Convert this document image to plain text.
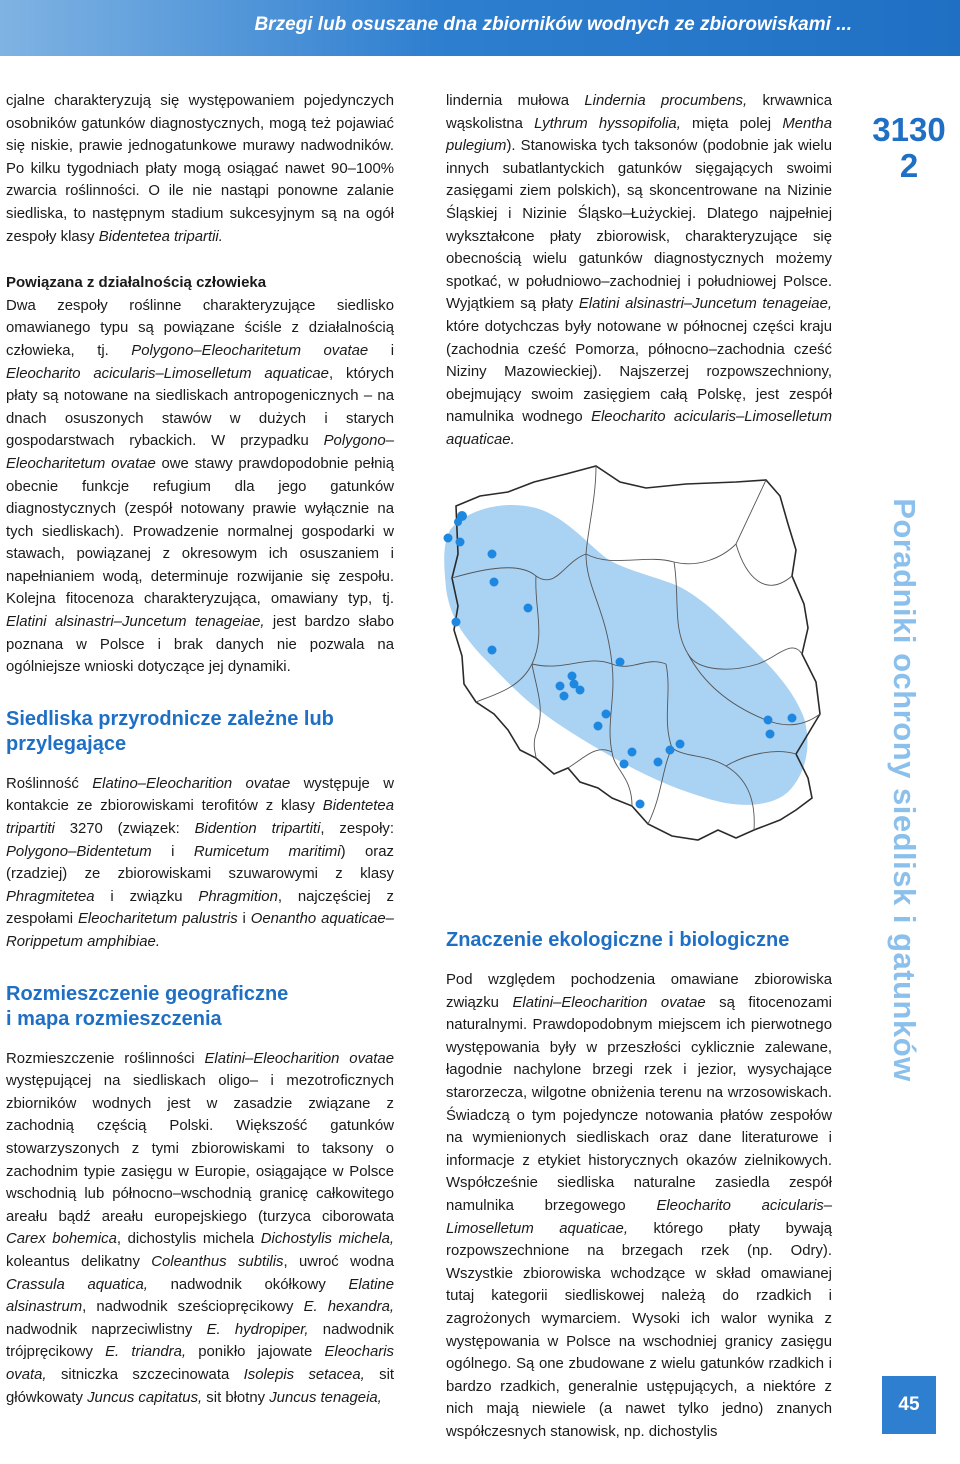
Brzegi lub osuszane dna zbiorników wodnych ze zbiorowiskami ...

cjalne charakteryzują się występowaniem pojedynczych osobników gatunków diagnostycznych, mogą też pojawiać się niskie, prawie jednogatunkowe murawy nadwodników. Po kilku tygodniach płaty mogą osiągać nawet 90–100% zwarcia roślinności. O ile nie nastąpi ponowne zalanie siedliska, to następnym stadium sukcesyjnym są na ogół zespoły klasy Bidentetea tripartii.

Powiązana z działalnością człowieka

Dwa zespoły roślinne charakteryzujące siedlisko omawianego typu są powiązane ściśle z działalnością człowieka, tj. Polygono–Eleocharitetum ovatae i Eleocharito acicularis–Limoselletum aquaticae, których płaty są notowane na siedliskach antropogenicznych – na dnach osuszonych stawów w dużych i starych gospodarstwach rybackich. W przypadku Polygono–Eleocharitetum ovatae owe stawy prawdopodobnie pełnią obecnie funkcje refugium dla jego gatunków diagnostycznych (zespół notowany prawie wyłącznie na tych siedliskach). Prowadzenie normalnej gospodarki w stawach, powiązanej z okresowym ich osuszaniem i napełnianiem wodą, determinuje rozwijanie się zespołu. Kolejna fitocenoza charakteryzująca, omawiany typ, tj. Elatini alsinastri–Juncetum tenageiae, jest bardzo słabo poznana w Polsce i brak danych nie pozwala na ogólniejsze wnioski dotyczące jej dynamiki.

Siedliska przyrodnicze zależne lub
przylegające

Roślinność Elatino–Eleocharition ovatae występuje w kontakcie ze zbiorowiskami terofitów z klasy Bidentetea tripartiti 3270 (związek: Bidention tripartiti, zespoły: Polygono–Bidentetum i Rumicetum maritimi) oraz (rzadziej) ze zbiorowiskami szuwarowymi z klasy Phragmitetea i związku Phragmition, najczęściej z zespołami Eleocharitetum palustris i Oenantho aquaticae–Rorippetum amphibiae.

Rozmieszczenie geograficzne
i mapa rozmieszczenia

Rozmieszczenie roślinności Elatini–Eleocharition ovatae występującej na siedliskach oligo– i mezotroficznych zbiorników wodnych jest w zasadzie związane z zachodnią częścią Polski. Większość gatunków stowarzyszonych z tymi zbiorowiskami to taksony o zachodnim typie zasięgu w Europie, osiągające w Polsce wschodnią lub północno–wschodnią granicę całkowitego areału bądź areału europejskiego (turzyca ciborowata Carex bohemica, dichostylis michela Dichostylis michela, koleantus delikatny Coleanthus subtilis, uwroć wodna Crassula aquatica, nadwodnik okółkowy Elatine alsinastrum, nadwodnik sześciopręcikowy E. hexandra, nadwodnik naprzeciwlistny E. hydropiper, nadwodnik trójpręcikowy E. triandra, ponikło jajowate Eleocharis ovata, sitniczka szczecinowata Isolepis setacea, sit główkowaty Juncus capitatus, sit błotny Juncus tenageia,

lindernia mułowa Lindernia procumbens, krwawnica wąskolistna Lythrum hyssopifolia, mięta polej Mentha pulegium). Stanowiska tych taksonów (podobnie jak wielu innych subatlantyckich gatunków sięgających swoimi zasięgami ziem polskich), są skoncentrowane na Nizinie Śląskiej i Nizinie Śląsko–Łużyckiej. Dlatego najpełniej wykształcone płaty zbiorowisk, charakteryzujące się obecnością wielu gatunków diagnostycznych możemy spotkać, w południowo–zachodniej i południowej Polsce. Wyjątkiem są płaty Elatini alsinastri–Juncetum tenageiae, które dotychczas były notowane w północnej części kraju (zachodnia cześć Pomorza, północno–zachodnia cześć Niziny Mazowieckiej). Najszerzej rozpowszechniony, obejmujący swoim zasięgiem całą Polskę, jest zespół namulnika wodnego Eleocharito acicularis–Limoselletum aquaticae.

Znaczenie ekologiczne i biologiczne

Pod względem pochodzenia omawiane zbiorowiska związku Elatini–Eleocharition ovatae są fitocenozami naturalnymi. Prawdopodobnym miejscem ich pierwotnego występowania były w przeszłości cyklicznie zalewane, łagodnie nachylone brzegi rzek i jezior, wysychające starorzecza, wilgotne obniżenia terenu na wrzosowiskach. Świadczą o tym pojedyncze notowania płatów zespołów na wymienionych siedliskach oraz dane literaturowe i informacje z etykiet historycznych okazów zielnikowych. Współcześnie siedliska naturalne zasiedla zespół namulnika brzegowego Eleocharito acicularis–Limoselletum aquaticae, którego płaty bywają rozpowszechnione na brzegach rzek (np. Odry). Wszystkie zbiorowiska wchodzące w skład omawianej tutaj kategorii siedliskowej należą do rzadkich i zagrożonych wymarciem. Wysoki ich walor wynika z występowania w Polsce na wschodniej granicy zasięgu ogólnego. Są one zbudowane z wielu gatunków rzadkich i bardzo rzadkich, generalnie ustępujących, a niektóre z nich mają niewiele (a nawet tylko jedno) znanych współczesnych stanowisk, np. dichostylis

3130
2
Poradniki ochrony siedlisk i gatunków
45
